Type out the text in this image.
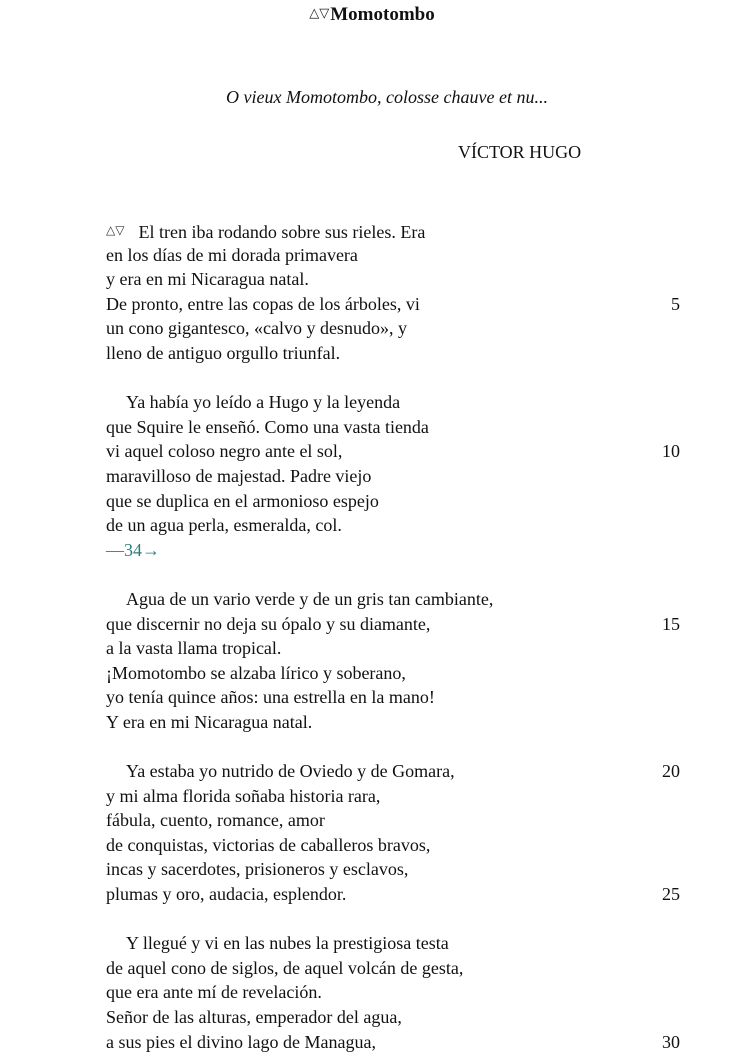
△▽Momotombo
O vieux Momotombo, colosse chauve et nu...
VÍCTOR HUGO
△▽ El tren iba rodando sobre sus rieles. Era
en los días de mi dorada primavera
y era en mi Nicaragua natal.
De pronto, entre las copas de los árboles, vi	5
un cono gigantesco, «calvo y desnudo», y
lleno de antiguo orgullo triunfal.
Ya había yo leído a Hugo y la leyenda
que Squire le enseñó. Como una vasta tienda
vi aquel coloso negro ante el sol,	10
maravilloso de majestad. Padre viejo
que se duplica en el armonioso espejo
de un agua perla, esmeralda, col.
—34→
Agua de un vario verde y de un gris tan cambiante,
que discernir no deja su ópalo y su diamante,	15
a la vasta llama tropical.
¡Momotombo se alzaba lírico y soberano,
yo tenía quince años: una estrella en la mano!
Y era en mi Nicaragua natal.
Ya estaba yo nutrido de Oviedo y de Gomara,	20
y mi alma florida soñaba historia rara,
fábula, cuento, romance, amor
de conquistas, victorias de caballeros bravos,
incas y sacerdotes, prisioneros y esclavos,
plumas y oro, audacia, esplendor.	25
Y llegué y vi en las nubes la prestigiosa testa
de aquel cono de siglos, de aquel volcán de gesta,
que era ante mí de revelación.
Señor de las alturas, emperador del agua,
a sus pies el divino lago de Managua,	30
